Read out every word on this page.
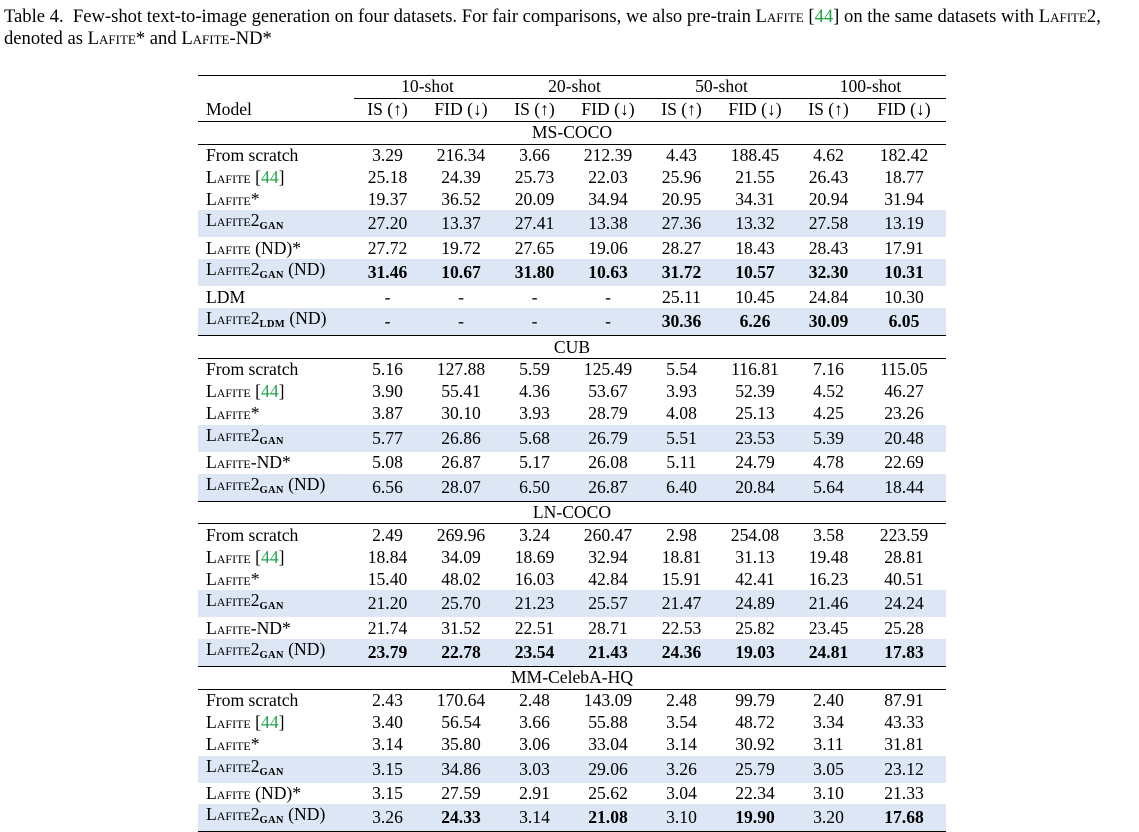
Table 4. Few-shot text-to-image generation on four datasets. For fair comparisons, we also pre-train Lafite [44] on the same datasets with Lafite2, denoted as Lafite* and Lafite-ND*
	10-shot		20-shot		50-shot		100-shot	
Model	IS (↑)	FID (↓)	IS (↑)	FID (↓)	IS (↑)	FID (↓)	IS (↑)	FID (↓)
MS-COCO								
From scratch	3.29	216.34	3.66	212.39	4.43	188.45	4.62	182.42
Lafite [44]	25.18	24.39	25.73	22.03	25.96	21.55	26.43	18.77
Lafite*	19.37	36.52	20.09	34.94	20.95	34.31	20.94	31.94
$Lafite2_{GAN}$	27.20	13.37	27.41	13.38	27.36	13.32	27.58	13.19
Lafite (ND)*	27.72	19.72	27.65	19.06	28.27	18.43	28.43	17.91
$Lafite2_{GAN}$ (ND)	31.46	10.67	31.80	10.63	31.72	10.57	32.30	10.31
LDM	-	-	-	-	25.11	10.45	24.84	10.30
$Lafite2_{LDM}$ (ND)	-	-	-	-	30.36	6.26	30.09	6.05
CUB								
From scratch	5.16	127.88	5.59	125.49	5.54	116.81	7.16	115.05
Lafite [44]	3.90	55.41	4.36	53.67	3.93	52.39	4.52	46.27
Lafite*	3.87	30.10	3.93	28.79	4.08	25.13	4.25	23.26
$Lafite2_{GAN}$	5.77	26.86	5.68	26.79	5.51	23.53	5.39	20.48
Lafite-ND*	5.08	26.87	5.17	26.08	5.11	24.79	4.78	22.69
$Lafite2_{GAN}$ (ND)	6.56	28.07	6.50	26.87	6.40	20.84	5.64	18.44
LN-COCO								
From scratch	2.49	269.96	3.24	260.47	2.98	254.08	3.58	223.59
Lafite [44]	18.84	34.09	18.69	32.94	18.81	31.13	19.48	28.81
Lafite*	15.40	48.02	16.03	42.84	15.91	42.41	16.23	40.51
$Lafite2_{GAN}$	21.20	25.70	21.23	25.57	21.47	24.89	21.46	24.24
Lafite-ND*	21.74	31.52	22.51	28.71	22.53	25.82	23.45	25.28
$Lafite2_{GAN}$ (ND)	23.79	22.78	23.54	21.43	24.36	19.03	24.81	17.83
MM-CelebA-HQ								
From scratch	2.43	170.64	2.48	143.09	2.48	99.79	2.40	87.91
Lafite [44]	3.40	56.54	3.66	55.88	3.54	48.72	3.34	43.33
Lafite*	3.14	35.80	3.06	33.04	3.14	30.92	3.11	31.81
$Lafite2_{GAN}$	3.15	34.86	3.03	29.06	3.26	25.79	3.05	23.12
Lafite (ND)*	3.15	27.59	2.91	25.62	3.04	22.34	3.10	21.33
$Lafite2_{GAN}$ (ND)	3.26	24.33	3.14	21.08	3.10	19.90	3.20	17.68
